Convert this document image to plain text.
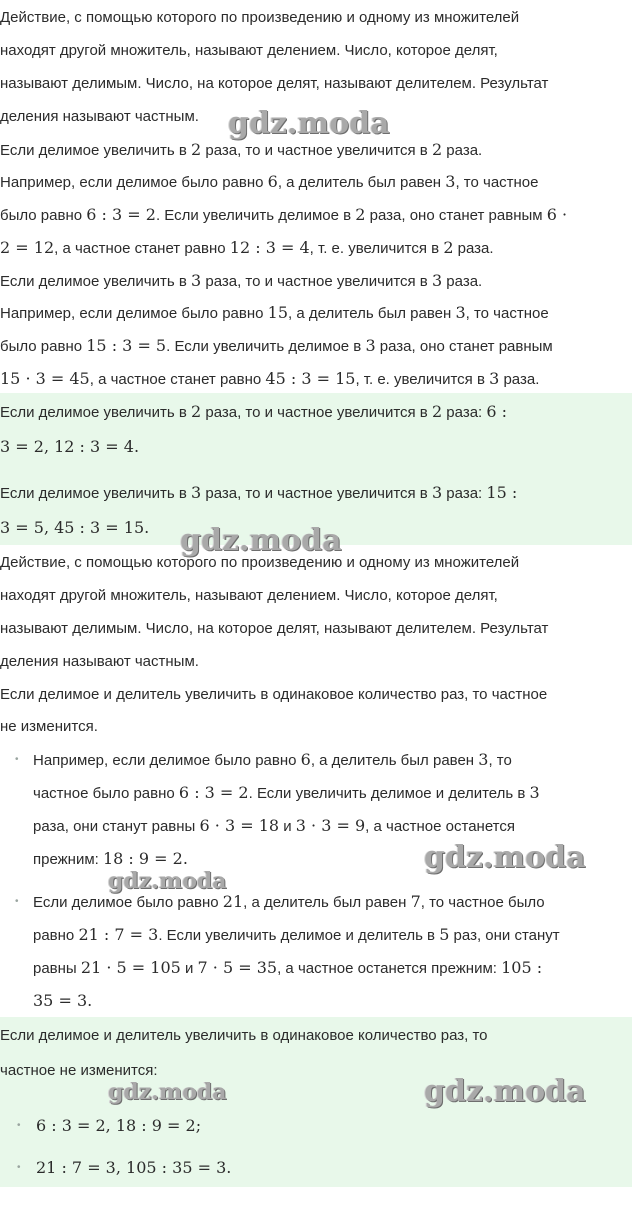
Действие, с помощью которого по произведению и одному из множителей
находят другой множитель, называют делением. Число, которое делят,
называют делимым. Число, на которое делят, называют делителем. Результат
деления называют частным.
Если делимое увеличить в 2 раза, то и частное увеличится в 2 раза.
Например, если делимое было равно 6, а делитель был равен 3, то частное
было равно 6 : 3 = 2. Если увеличить делимое в 2 раза, оно станет равным 6 ·
2 = 12, а частное станет равно 12 : 3 = 4, т. е. увеличится в 2 раза.
Если делимое увеличить в 3 раза, то и частное увеличится в 3 раза.
Например, если делимое было равно 15, а делитель был равен 3, то частное
было равно 15 : 3 = 5. Если увеличить делимое в 3 раза, оно станет равным
15 · 3 = 45, а частное станет равно 45 : 3 = 15, т. е. увеличится в 3 раза.
Если делимое увеличить в 2 раза, то и частное увеличится в 2 раза: 6 :
3 = 2, 12 : 3 = 4.
Если делимое увеличить в 3 раза, то и частное увеличится в 3 раза: 15 :
3 = 5, 45 : 3 = 15.
Действие, с помощью которого по произведению и одному из множителей
находят другой множитель, называют делением. Число, которое делят,
называют делимым. Число, на которое делят, называют делителем. Результат
деления называют частным.
Если делимое и делитель увеличить в одинаковое количество раз, то частное
не изменится.
• Например, если делимое было равно 6, а делитель был равен 3, то
частное было равно 6 : 3 = 2. Если увеличить делимое и делитель в 3
раза, они станут равны 6 · 3 = 18 и 3 · 3 = 9, а частное останется
прежним: 18 : 9 = 2.
• Если делимое было равно 21, а делитель был равен 7, то частное было
равно 21 : 7 = 3. Если увеличить делимое и делитель в 5 раз, они станут
равны 21 · 5 = 105 и 7 · 5 = 35, а частное останется прежним: 105 :
35 = 3.
Если делимое и делитель увеличить в одинаковое количество раз, то
частное не изменится:
• 6 : 3 = 2, 18 : 9 = 2;
• 21 : 7 = 3, 105 : 35 = 3.
gdz.moda
gdz.moda
gdz.moda
gdz.moda
gdz.moda	gdz.moda
